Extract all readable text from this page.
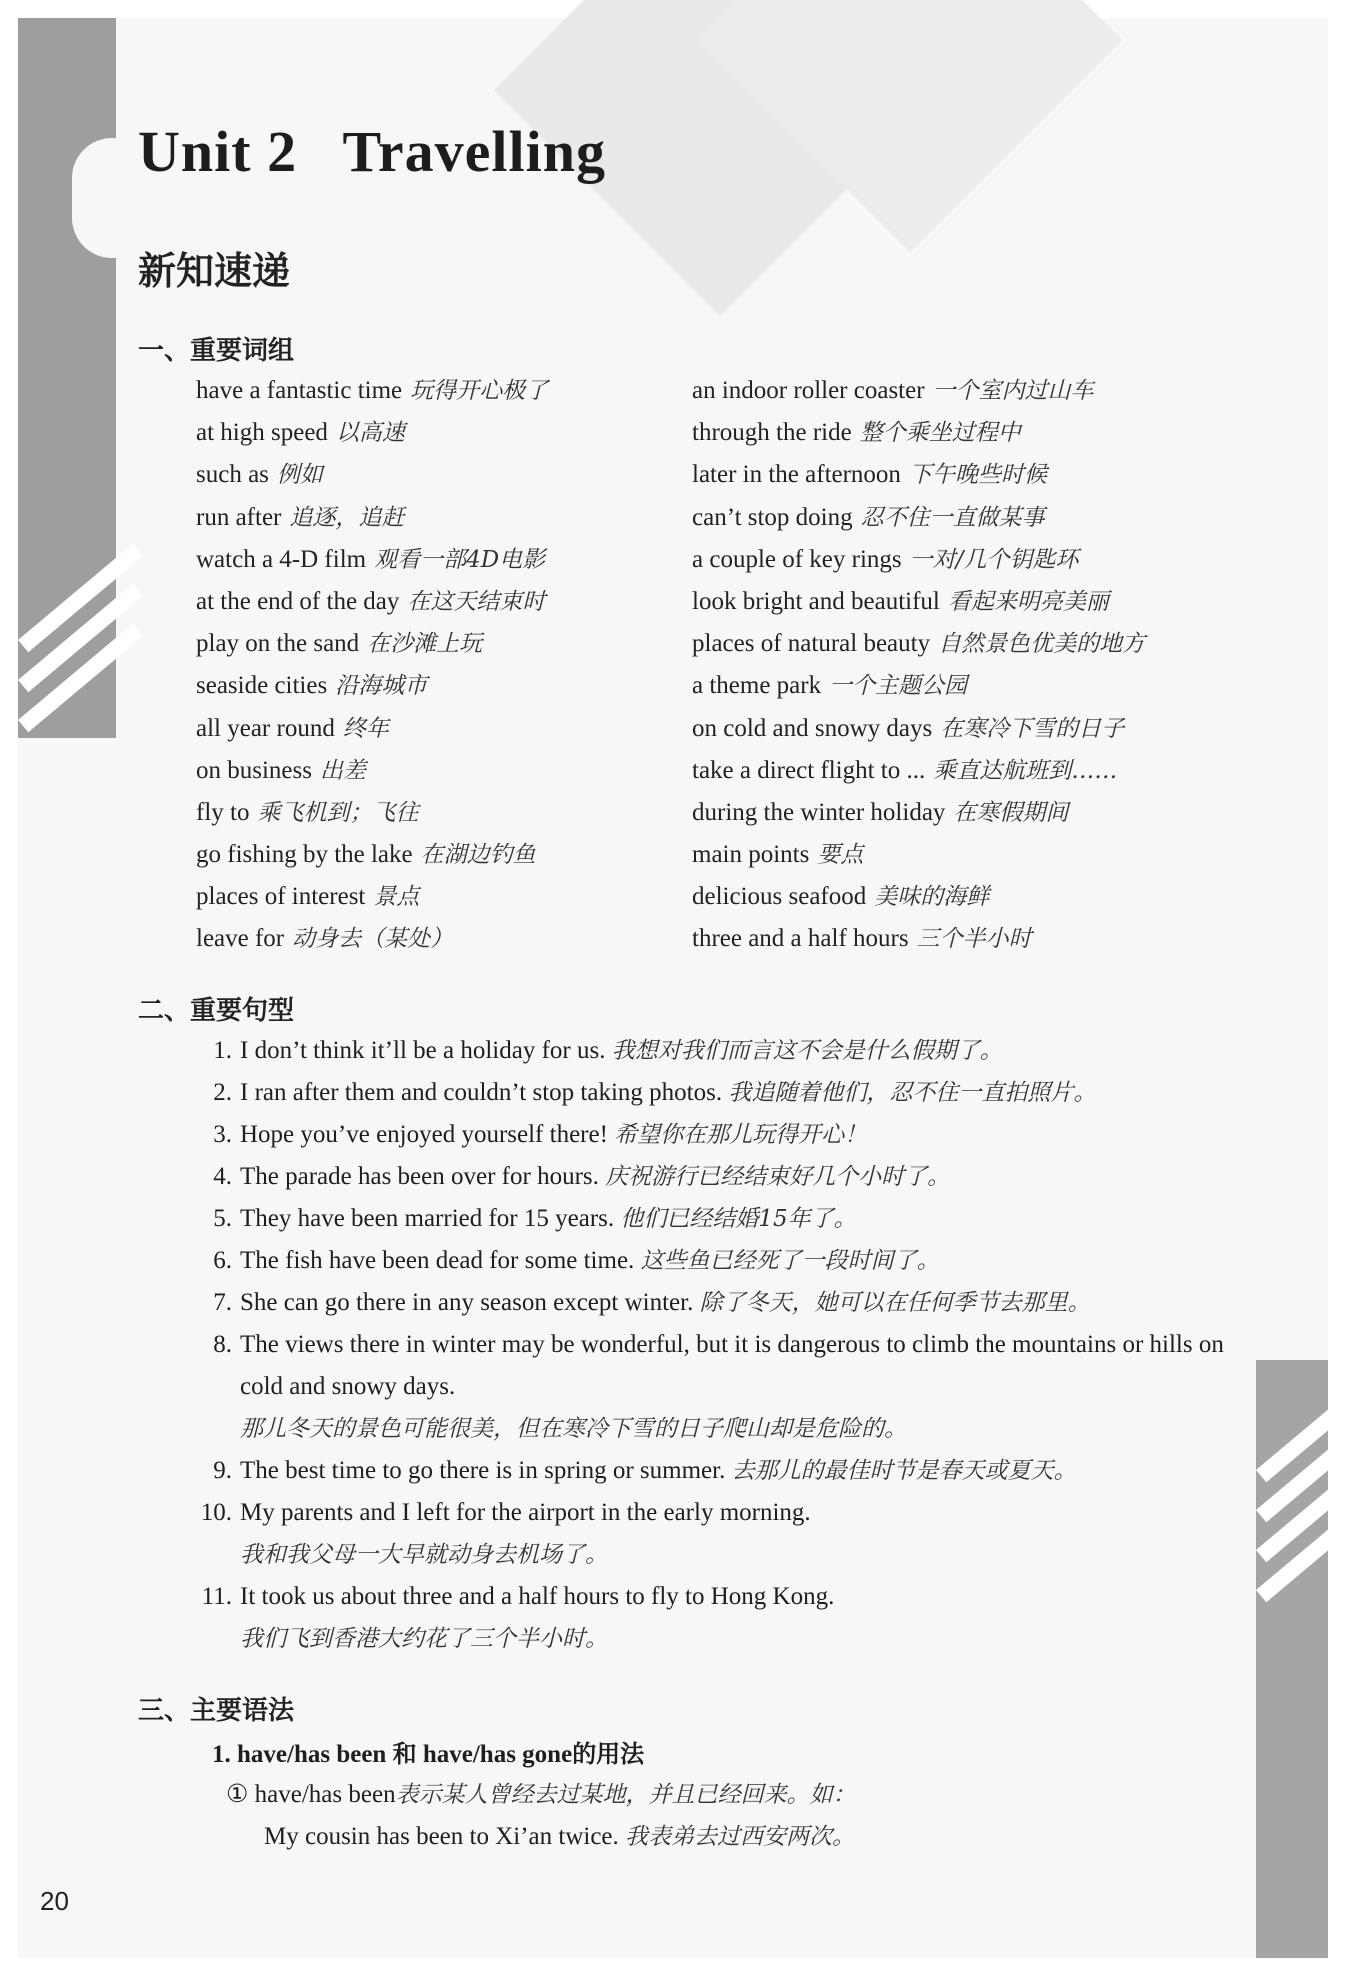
Unit 2   Travelling
新知速递
一、重要词组
have a fantastic time 玩得开心极了
at high speed 以高速
such as 例如
run after 追逐，追赶
watch a 4-D film 观看一部4D电影
at the end of the day 在这天结束时
play on the sand 在沙滩上玩
seaside cities 沿海城市
all year round 终年
on business 出差
fly to 乘飞机到；飞往
go fishing by the lake 在湖边钓鱼
places of interest 景点
leave for 动身去（某处）
an indoor roller coaster 一个室内过山车
through the ride 整个乘坐过程中
later in the afternoon 下午晚些时候
can’t stop doing 忍不住一直做某事
a couple of key rings 一对/几个钥匙环
look bright and beautiful 看起来明亮美丽
places of natural beauty 自然景色优美的地方
a theme park 一个主题公园
on cold and snowy days 在寒冷下雪的日子
take a direct flight to ... 乘直达航班到……
during the winter holiday 在寒假期间
main points 要点
delicious seafood 美味的海鲜
three and a half hours 三个半小时
二、重要句型
1. I don’t think it’ll be a holiday for us. 我想对我们而言这不会是什么假期了。
2. I ran after them and couldn’t stop taking photos. 我追随着他们，忍不住一直拍照片。
3. Hope you’ve enjoyed yourself there! 希望你在那儿玩得开心！
4. The parade has been over for hours. 庆祝游行已经结束好几个小时了。
5. They have been married for 15 years. 他们已经结婚15年了。
6. The fish have been dead for some time. 这些鱼已经死了一段时间了。
7. She can go there in any season except winter. 除了冬天，她可以在任何季节去那里。
8. The views there in winter may be wonderful, but it is dangerous to climb the mountains or hills on cold and snowy days.
那儿冬天的景色可能很美，但在寒冷下雪的日子爬山却是危险的。
9. The best time to go there is in spring or summer. 去那儿的最佳时节是春天或夏天。
10. My parents and I left for the airport in the early morning.
我和我父母一大早就动身去机场了。
11. It took us about three and a half hours to fly to Hong Kong.
我们飞到香港大约花了三个半小时。
三、主要语法

1. have/has been 和 have/has gone的用法

① have/has been表示某人曾经去过某地，并且已经回来。如：

My cousin has been to Xi’an twice. 我表弟去过西安两次。

20
